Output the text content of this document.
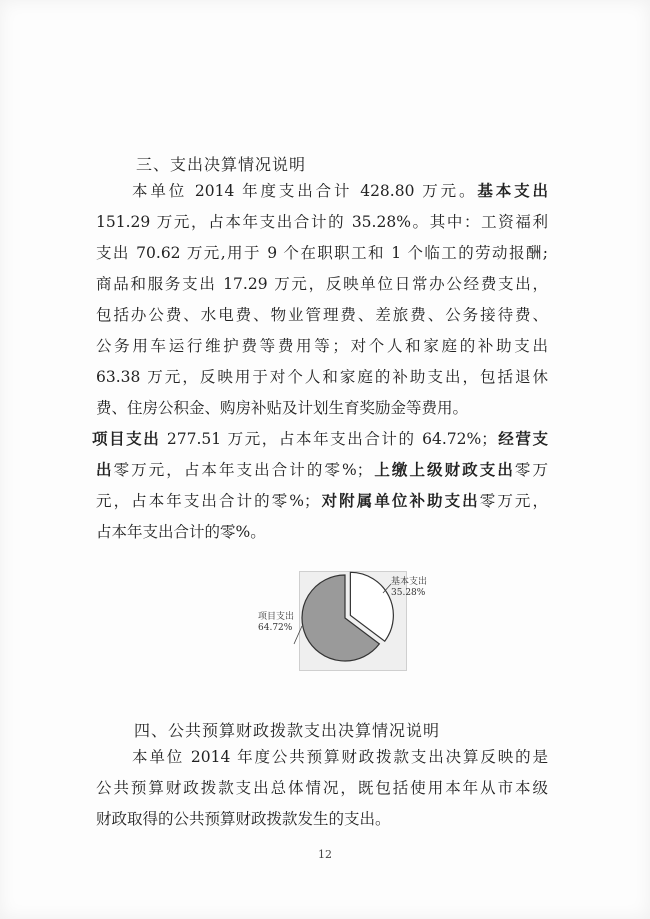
三、支出决算情况说明
本单位 2014 年度支出合计 428.80 万元。基本支出
151.29 万元，占本年支出合计的 35.28%。其中：工资福利
支出 70.62 万元,用于 9 个在职职工和 1 个临工的劳动报酬;
商品和服务支出 17.29 万元，反映单位日常办公经费支出，
包括办公费、水电费、物业管理费、差旅费、公务接待费、
公务用车运行维护费等费用等；对个人和家庭的补助支出
63.38 万元，反映用于对个人和家庭的补助支出，包括退休
费、住房公积金、购房补贴及计划生育奖励金等费用。
项目支出 277.51 万元，占本年支出合计的 64.72%；经营支
出零万元，占本年支出合计的零%；上缴上级财政支出零万
元，占本年支出合计的零%；对附属单位补助支出零万元，
占本年支出合计的零%。
基本支出
35.28%
项目支出
64.72%
四、公共预算财政拨款支出决算情况说明
本单位 2014 年度公共预算财政拨款支出决算反映的是
公共预算财政拨款支出总体情况，既包括使用本年从市本级
财政取得的公共预算财政拨款发生的支出。
12
